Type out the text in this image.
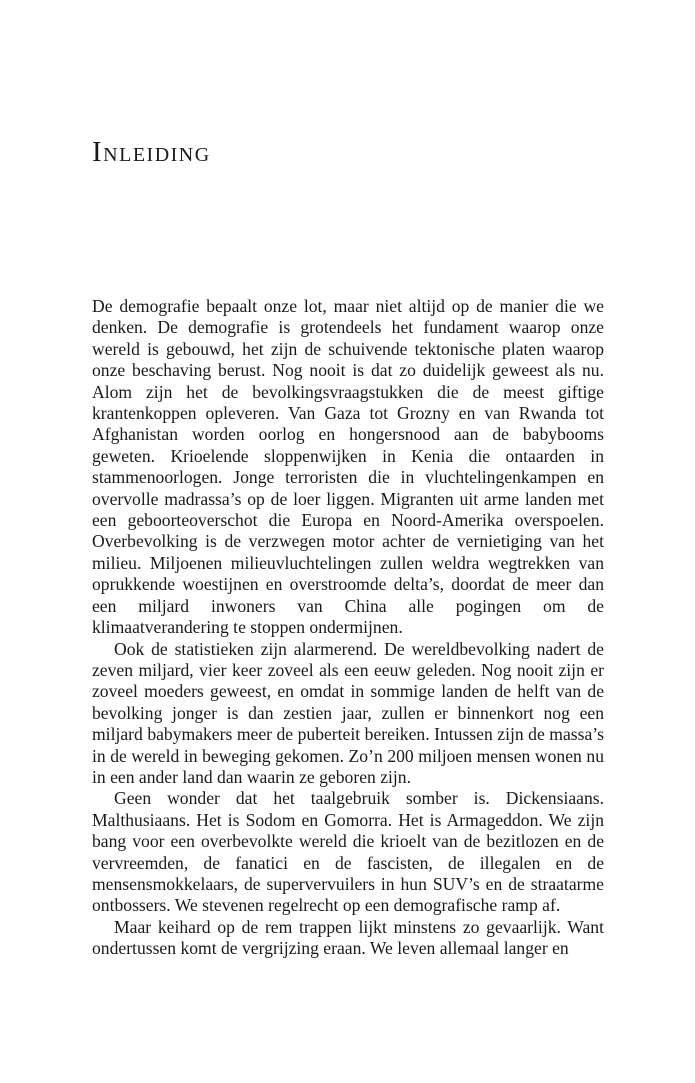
Inleiding

De demografie bepaalt onze lot, maar niet altijd op de manier die we denken. De demografie is grotendeels het fundament waarop onze wereld is gebouwd, het zijn de schuivende tektonische platen waarop onze beschaving berust. Nog nooit is dat zo duidelijk geweest als nu. Alom zijn het de bevolkingsvraagstukken die de meest giftige krantenkoppen opleveren. Van Gaza tot Grozny en van Rwanda tot Afghanistan worden oorlog en hongersnood aan de babybooms geweten. Krioelende sloppenwijken in Kenia die ontaarden in stammenoorlogen. Jonge terroristen die in vluchtelingenkampen en overvolle madrassa’s op de loer liggen. Migranten uit arme landen met een geboorteoverschot die Europa en Noord-Amerika overspoelen. Overbevolking is de verzwegen motor achter de vernietiging van het milieu. Miljoenen milieuvluchtelingen zullen weldra wegtrekken van oprukkende woestijnen en overstroomde delta’s, doordat de meer dan een miljard inwoners van China alle pogingen om de klimaatverandering te stoppen ondermijnen.

Ook de statistieken zijn alarmerend. De wereldbevolking nadert de zeven miljard, vier keer zoveel als een eeuw geleden. Nog nooit zijn er zoveel moeders geweest, en omdat in sommige landen de helft van de bevolking jonger is dan zestien jaar, zullen er binnenkort nog een miljard babymakers meer de puberteit bereiken. Intussen zijn de massa’s in de wereld in beweging gekomen. Zo’n 200 miljoen mensen wonen nu in een ander land dan waarin ze geboren zijn.

Geen wonder dat het taalgebruik somber is. Dickensiaans. Malthusiaans. Het is Sodom en Gomorra. Het is Armageddon. We zijn bang voor een overbevolkte wereld die krioelt van de bezitlozen en de vervreemden, de fanatici en de fascisten, de illegalen en de mensensmokkelaars, de supervervuilers in hun SUV’s en de straatarme ontbossers. We stevenen regelrecht op een demografische ramp af.

Maar keihard op de rem trappen lijkt minstens zo gevaarlijk. Want ondertussen komt de vergrijzing eraan. We leven allemaal langer en
